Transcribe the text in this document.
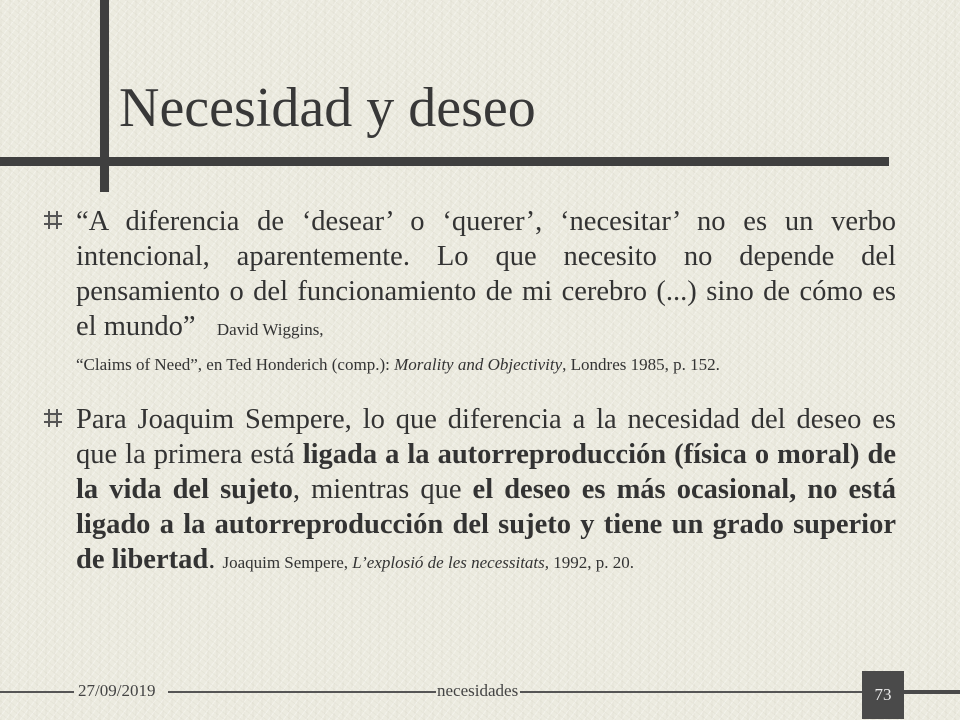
Necesidad y deseo

“A diferencia de ‘desear’ o ‘querer’, ‘necesitar’ no es un verbo intencional, aparentemente. Lo que necesito no depende del pensamiento o del funcionamiento de mi cerebro (...) sino de cómo es el mundo” David Wiggins,
“Claims of Need”, en Ted Honderich (comp.): Morality and Objectivity, Londres 1985, p. 152.

Para Joaquim Sempere, lo que diferencia a la necesidad del deseo es que la primera está ligada a la autorreproducción (física o moral) de la vida del sujeto, mientras que el deseo es más ocasional, no está ligado a la autorreproducción del sujeto y tiene un grado superior de libertad. Joaquim Sempere, L’explosió de les necessitats, 1992, p. 20.

27/09/2019	necesidades	73
